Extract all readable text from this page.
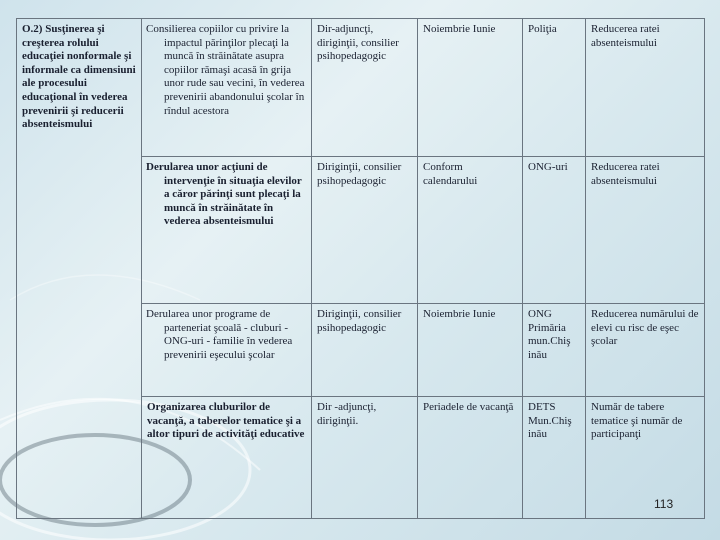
O.2) Susţinerea şi creşterea rolului educaţiei nonformale şi informale ca dimensiuni ale procesului educaţional în vederea prevenirii şi reducerii absenteismului	Consilierea copiilor cu privire la impactul părinţilor plecaţi la muncă în străinătate asupra copiilor rămaşi acasă în grija unor rude sau vecini, în vederea prevenirii abandonului şcolar în rîndul acestora	Dir-adjuncţi, diriginţii, consilier psihopedagogic	Noiembrie Iunie	Poliţia	Reducerea ratei absenteismului
	Derularea unor acţiuni de intervenţie în situaţia elevilor a căror părinţi sunt plecaţi la muncă în străinătate în vederea absenteismului	Diriginţii, consilier psihopedagogic	Conform calendarului	ONG-uri	Reducerea ratei absenteismului
	Derularea unor programe de parteneriat şcoală - cluburi - ONG-uri - familie în vederea prevenirii eşecului şcolar	Diriginţii, consilier psihopedagogic	Noiembrie Iunie	ONG Primăria mun.Chiş inău	Reducerea numărului de elevi cu risc de eşec şcolar
	Organizarea cluburilor de vacanţă, a taberelor tematice şi a altor tipuri de activităţi educative	Dir -adjuncţi, diriginţii.	Periadele de vacanţă	DETS Mun.Chiş inău	Număr de tabere tematice şi număr de participanţi
113
